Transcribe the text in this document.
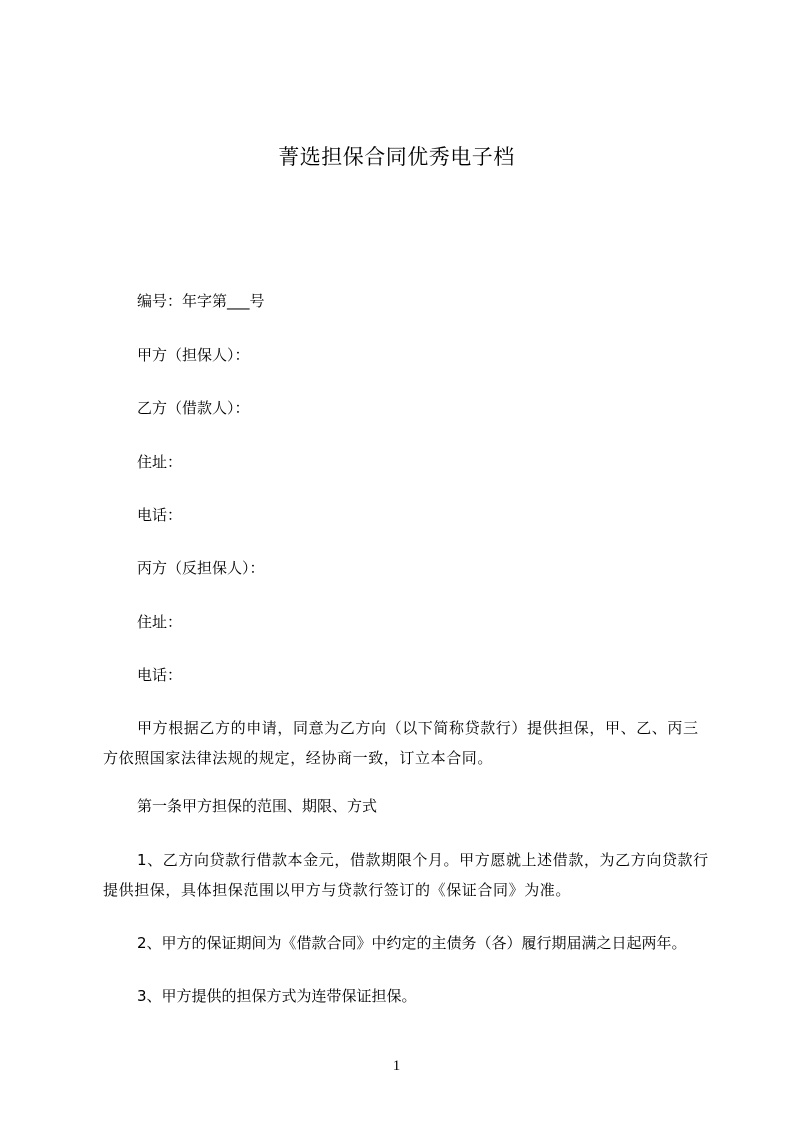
菁选担保合同优秀电子档
编号：年字第___号
甲方（担保人）：
乙方（借款人）：
住址：
电话：
丙方（反担保人）：
住址：
电话：
甲方根据乙方的申请，同意为乙方向（以下简称贷款行）提供担保，甲、乙、丙三方依照国家法律法规的规定，经协商一致，订立本合同。
第一条甲方担保的范围、期限、方式
1、乙方向贷款行借款本金元，借款期限个月。甲方愿就上述借款，为乙方向贷款行提供担保，具体担保范围以甲方与贷款行签订的《保证合同》为准。
2、甲方的保证期间为《借款合同》中约定的主债务（各）履行期届满之日起两年。
3、甲方提供的担保方式为连带保证担保。
1
